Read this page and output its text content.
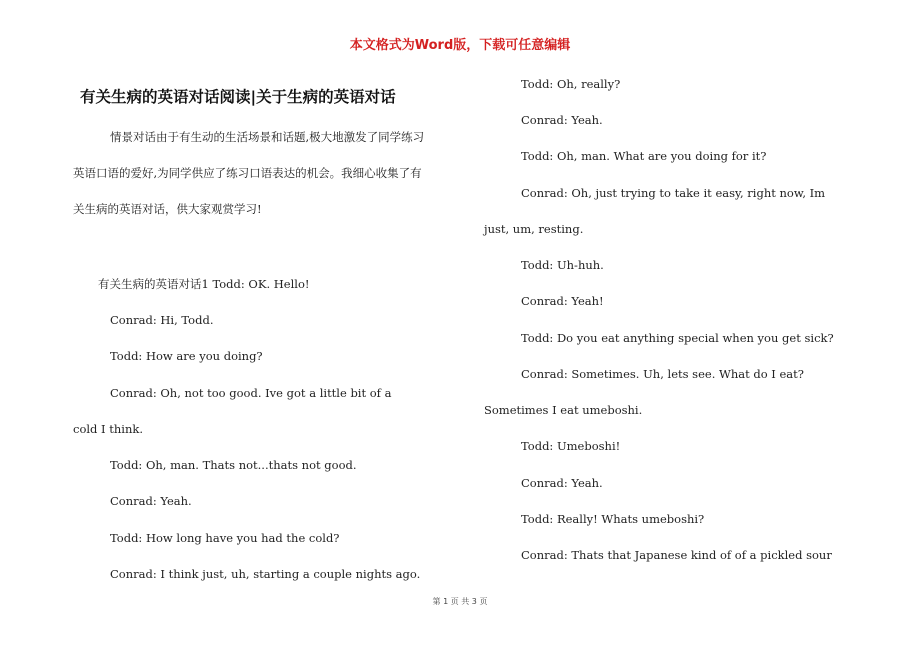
本文格式为Word版，下载可任意编辑
有关生病的英语对话阅读|关于生病的英语对话
情景对话由于有生动的生活场景和话题,极大地激发了同学练习
英语口语的爱好,为同学供应了练习口语表达的机会。我细心收集了有
关生病的英语对话，供大家观赏学习!
有关生病的英语对话1 Todd: OK. Hello!
Conrad: Hi, Todd.
Todd: How are you doing?
Conrad: Oh, not too good. Ive got a little bit of a
cold I think.
Todd: Oh, man. Thats not...thats not good.
Conrad: Yeah.
Todd: How long have you had the cold?
Conrad: I think just, uh, starting a couple nights ago.
Todd: Oh, really?
Conrad: Yeah.
Todd: Oh, man. What are you doing for it?
Conrad: Oh, just trying to take it easy, right now, Im
just, um, resting.
Todd: Uh-huh.
Conrad: Yeah!
Todd: Do you eat anything special when you get sick?
Conrad: Sometimes. Uh, lets see. What do I eat?
Sometimes I eat umeboshi.
Todd: Umeboshi!
Conrad: Yeah.
Todd: Really! Whats umeboshi?
Conrad: Thats that Japanese kind of of a pickled sour
第 1 页 共 3 页
